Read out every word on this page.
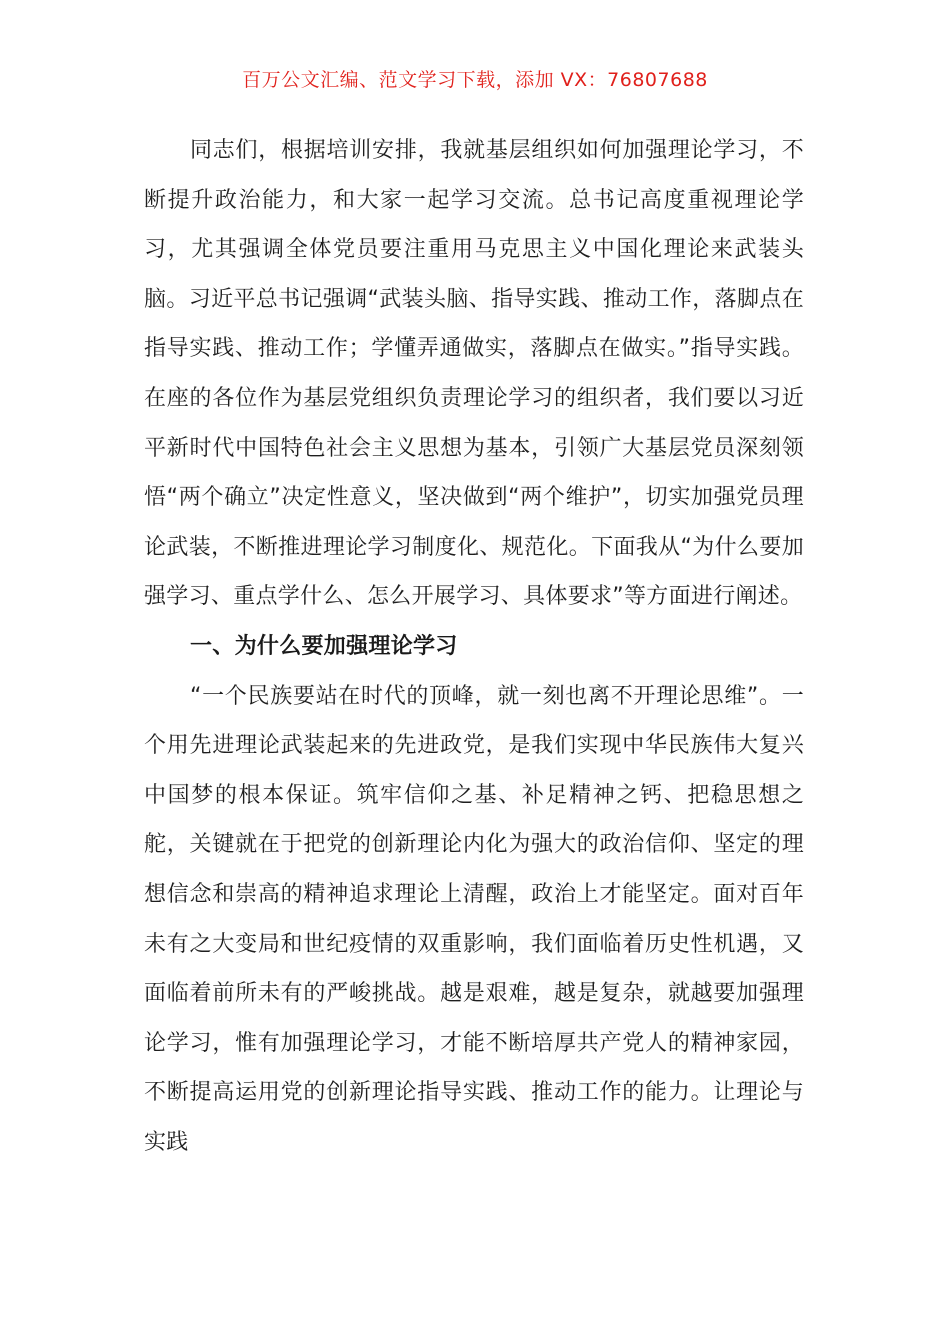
百万公文汇编、范文学习下载，添加 VX：76807688

同志们，根据培训安排，我就基层组织如何加强理论学习，不断提升政治能力，和大家一起学习交流。总书记高度重视理论学习，尤其强调全体党员要注重用马克思主义中国化理论来武装头脑。习近平总书记强调“武装头脑、指导实践、推动工作，落脚点在指导实践、推动工作；学懂弄通做实，落脚点在做实。”指导实践。在座的各位作为基层党组织负责理论学习的组织者，我们要以习近平新时代中国特色社会主义思想为基本，引领广大基层党员深刻领悟“两个确立”决定性意义，坚决做到“两个维护”，切实加强党员理论武装，不断推进理论学习制度化、规范化。下面我从“为什么要加强学习、重点学什么、怎么开展学习、具体要求”等方面进行阐述。

一、为什么要加强理论学习

“一个民族要站在时代的顶峰，就一刻也离不开理论思维”。一个用先进理论武装起来的先进政党，是我们实现中华民族伟大复兴中国梦的根本保证。筑牢信仰之基、补足精神之钙、把稳思想之舵，关键就在于把党的创新理论内化为强大的政治信仰、坚定的理想信念和崇高的精神追求理论上清醒，政治上才能坚定。面对百年未有之大变局和世纪疫情的双重影响，我们面临着历史性机遇，又面临着前所未有的严峻挑战。越是艰难，越是复杂，就越要加强理论学习，惟有加强理论学习，才能不断培厚共产党人的精神家园，不断提高运用党的创新理论指导实践、推动工作的能力。让理论与实践
